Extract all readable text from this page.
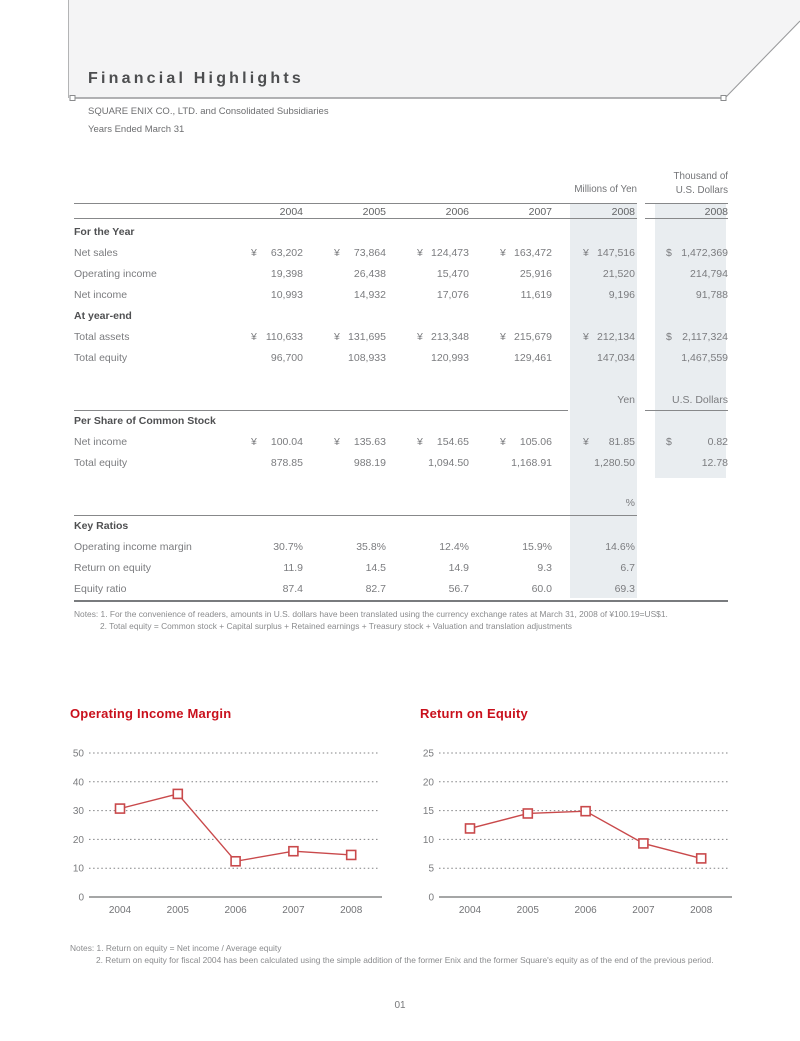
Financial Highlights
SQUARE ENIX CO., LTD. and Consolidated Subsidiaries
Years Ended March 31
Millions of Yen
Thousand of
U.S. Dollars
2004	2005	2006	2007	2008	2008
Notes: 1. For the convenience of readers, amounts in U.S. dollars have been translated using the currency exchange rates at March 31, 2008 of ¥100.19=US$1.
2. Total equity = Common stock + Capital surplus + Retained earnings + Treasury stock + Valuation and translation adjustments
For the Year
Net sales	¥ 63,202	¥ 73,864	¥ 124,473	¥ 163,472	¥ 147,516	$ 1,472,369
Operating income	19,398	26,438	15,470	25,916	21,520	214,794
Net income	10,993	14,932	17,076	11,619	9,196	91,788
At year-end
Total assets	¥ 110,633	¥ 131,695	¥ 213,348	¥ 215,679	¥ 212,134	$ 2,117,324
Total equity	96,700	108,933	120,993	129,461	147,034	1,467,559
Yen	U.S. Dollars
Per Share of Common Stock
Net income	¥ 100.04	¥ 135.63	¥ 154.65	¥ 105.06	¥ 81.85	$	0.82
Total equity	878.85	988.19	1,094.50	1,168.91	1,280.50	12.78
%
Key Ratios
Operating income margin	30.7%	35.8%	12.4%	15.9%	14.6%
Return on equity	11.9	14.5	14.9	9.3	6.7
Equity ratio	87.4	82.7	56.7	60.0	69.3
Operating Income Margin
0
10
20
30
40
50
2004	2005	2006	2007	2008
Return on Equity
0
5
10
15
20
25
2004	2005	2006	2007	2008
Notes: 1. Return on equity = Net income / Average equity
2. Return on equity for fiscal 2004 has been calculated using the simple addition of the former Enix and the former Square's equity as of the end of the previous period.
01
